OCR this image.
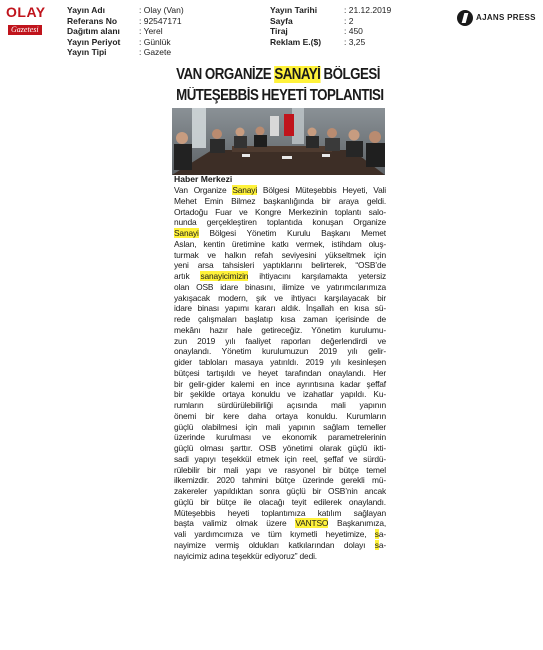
OLAY
Gazetesi
Yayın Adı	: Olay (Van)
Referans No	: 92547171
Dağıtım alanı	: Yerel
Yayın Periyot	: Günlük
Yayın Tipi	: Gazete
Yayın Tarihi	: 21.12.2019
Sayfa	: 2
Tiraj	: 450
Reklam E.($)	: 3,25
AJANS PRESS
VAN ORGANİZE SANAYİ BÖLGESİ
MÜTEŞEBBİS HEYETİ TOPLANTISI
Haber Merkezi
Van Organize Sanayi Bölgesi Müteşebbis Heyeti, Vali
Mehet Emin Bilmez başkanlığında bir araya geldi.
Ortadoğu Fuar ve Kongre Merkezinin toplantı salo-
nunda gerçekleştiren toplantıda konuşan Organize
Sanayi Bölgesi Yönetim Kurulu Başkanı Memet
Aslan, kentin üretimine katkı vermek, istihdam oluş-
turmak ve halkın refah seviyesini yükseltmek için
yeni arsa tahsisleri yaptıklarını belirterek, “OSB’de
artık sanayicimizin ihtiyacını karşılamakta yetersiz
olan OSB idare binasını, ilimize ve yatırımcılarımıza
yakışacak modern, şık ve ihtiyacı karşılayacak bir
idare binası yapımı kararı aldık. İnşallah en kısa sü-
rede çalışmaları başlatıp kısa zaman içerisinde de
mekânı hazır hale getireceğiz. Yönetim kurulumu-
zun 2019 yılı faaliyet raporları değerlendirdi ve
onaylandı. Yönetim kurulumuzun 2019 yılı gelir-
gider tabloları masaya yatırıldı. 2019 yılı kesinleşen
bütçesi tartışıldı ve heyet tarafından onaylandı. Her
bir gelir-gider kalemi en ince ayrıntısına kadar şeffaf
bir şekilde ortaya konuldu ve izahatlar yapıldı. Ku-
rumların sürdürülebilirliği açısında mali yapının
önemi bir kere daha ortaya konuldu. Kurumların
güçlü olabilmesi için mali yapının sağlam temeller
üzerinde kurulması ve ekonomik parametrelerinin
güçlü olması şarttır. OSB yönetimi olarak güçlü ikti-
sadi yapıyı teşekkül etmek için reel, şeffaf ve sürdü-
rülebilir bir mali yapı ve rasyonel bir bütçe temel
ilkemizdir. 2020 tahmini bütçe üzerinde gerekli mü-
zakereler yapıldıktan sonra güçlü bir OSB’nin ancak
güçlü bir bütçe ile olacağı teyit edilerek onaylandı.
Müteşebbis heyeti toplantımıza katılım sağlayan
başta valimiz olmak üzere VANTSO Başkanımıza,
vali yardımcımıza ve tüm kıymetli heyetimize, sa-
nayimize vermiş oldukları katkılarından dolayı sa-
nayicimiz adına teşekkür ediyoruz” dedi.
